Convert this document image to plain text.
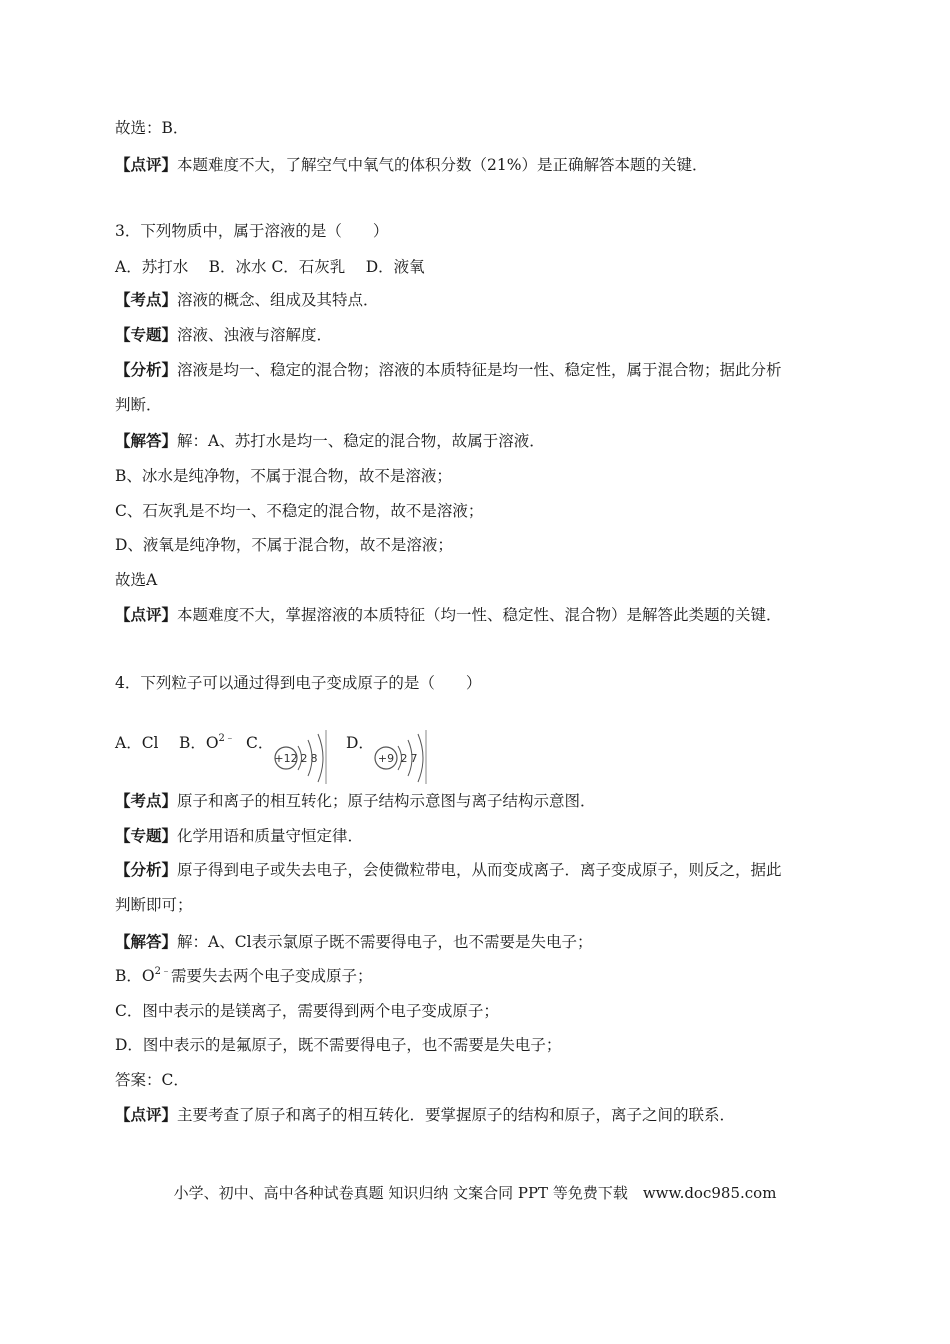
故选：B．
【点评】本题难度不大，了解空气中氧气的体积分数（21%）是正确解答本题的关键．
3．下列物质中，属于溶液的是（　　）
A．苏打水　 B．冰水 C．石灰乳　 D．液氧
【考点】溶液的概念、组成及其特点．
【专题】溶液、浊液与溶解度．
【分析】溶液是均一、稳定的混合物；溶液的本质特征是均一性、稳定性，属于混合物；据此分析
判断．
【解答】解：A、苏打水是均一、稳定的混合物，故属于溶液．
B、冰水是纯净物，不属于混合物，故不是溶液；
C、石灰乳是不均一、不稳定的混合物，故不是溶液；
D、液氧是纯净物，不属于混合物，故不是溶液；
故选A
【点评】本题难度不大，掌握溶液的本质特征（均一性、稳定性、混合物）是解答此类题的关键．
4．下列粒子可以通过得到电子变成原子的是（　　）
A．Cl　 B．$O^{2﹣}$ C．	D．
+12 2 8	+9 2 7
【考点】原子和离子的相互转化；原子结构示意图与离子结构示意图．
【专题】化学用语和质量守恒定律．
【分析】原子得到电子或失去电子，会使微粒带电，从而变成离子．离子变成原子，则反之，据此
判断即可；
【解答】解：A、Cl表示氯原子既不需要得电子，也不需要是失电子；
B．$O^{2﹣}$需要失去两个电子变成原子；
C．图中表示的是镁离子，需要得到两个电子变成原子；
D．图中表示的是氟原子，既不需要得电子，也不需要是失电子；
答案：C．
【点评】主要考查了原子和离子的相互转化．要掌握原子的结构和原子，离子之间的联系．
小学、初中、高中各种试卷真题 知识归纳 文案合同 PPT 等免费下载　www.doc985.com
